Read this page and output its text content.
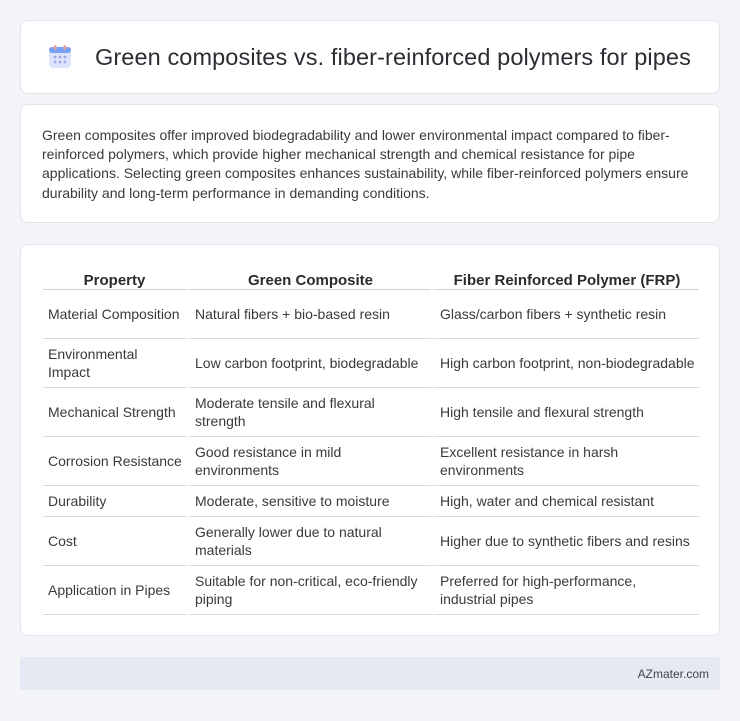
Green composites vs. fiber-reinforced polymers for pipes

Green composites offer improved biodegradability and lower environmental impact compared to fiber-reinforced polymers, which provide higher mechanical strength and chemical resistance for pipe applications. Selecting green composites enhances sustainability, while fiber-reinforced polymers ensure durability and long-term performance in demanding conditions.

Property	Green Composite	Fiber Reinforced Polymer (FRP)
Material Composition	Natural fibers + bio-based resin	Glass/carbon fibers + synthetic resin
Environmental Impact	Low carbon footprint, biodegradable	High carbon footprint, non-biodegradable
Mechanical Strength	Moderate tensile and flexural strength	High tensile and flexural strength
Corrosion Resistance	Good resistance in mild environments	Excellent resistance in harsh environments
Durability	Moderate, sensitive to moisture	High, water and chemical resistant
Cost	Generally lower due to natural materials	Higher due to synthetic fibers and resins
Application in Pipes	Suitable for non-critical, eco-friendly piping	Preferred for high-performance, industrial pipes
AZmater.com
